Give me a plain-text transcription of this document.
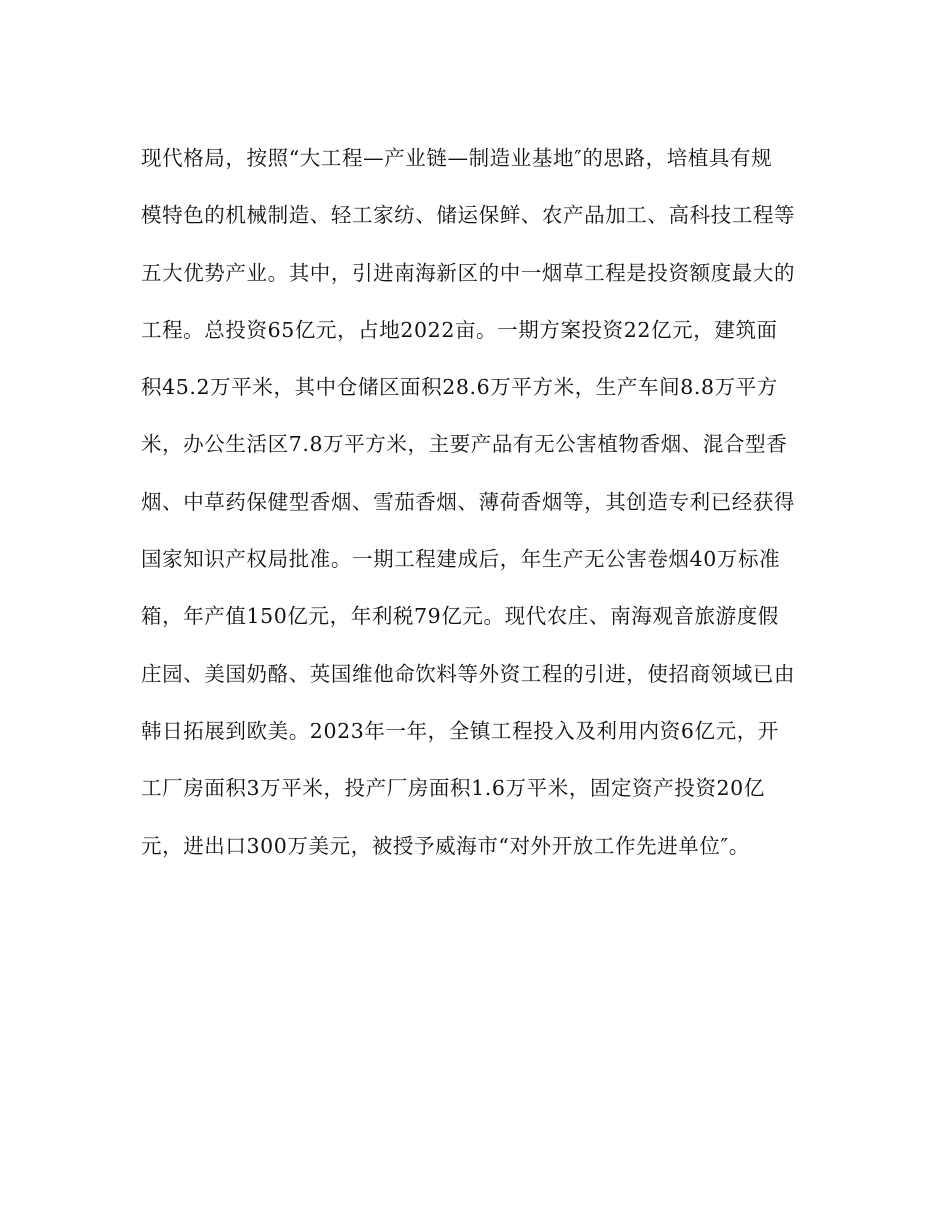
现代格局，按照“大工程—产业链—制造业基地″的思路，培植具有规
模特色的机械制造、轻工家纺、储运保鲜、农产品加工、高科技工程等
五大优势产业。其中，引进南海新区的中一烟草工程是投资额度最大的
工程。总投资65亿元，占地2022亩。一期方案投资22亿元，建筑面
积45.2万平米，其中仓储区面积28.6万平方米，生产车间8.8万平方
米，办公生活区7.8万平方米，主要产品有无公害植物香烟、混合型香
烟、中草药保健型香烟、雪茄香烟、薄荷香烟等，其创造专利已经获得
国家知识产权局批准。一期工程建成后，年生产无公害卷烟40万标准
箱，年产值150亿元，年利税79亿元。现代农庄、南海观音旅游度假
庄园、美国奶酪、英国维他命饮料等外资工程的引进，使招商领域已由
韩日拓展到欧美。2023年一年，全镇工程投入及利用内资6亿元，开
工厂房面积3万平米，投产厂房面积1.6万平米，固定资产投资20亿
元，进出口300万美元，被授予威海市“对外开放工作先进单位″。
